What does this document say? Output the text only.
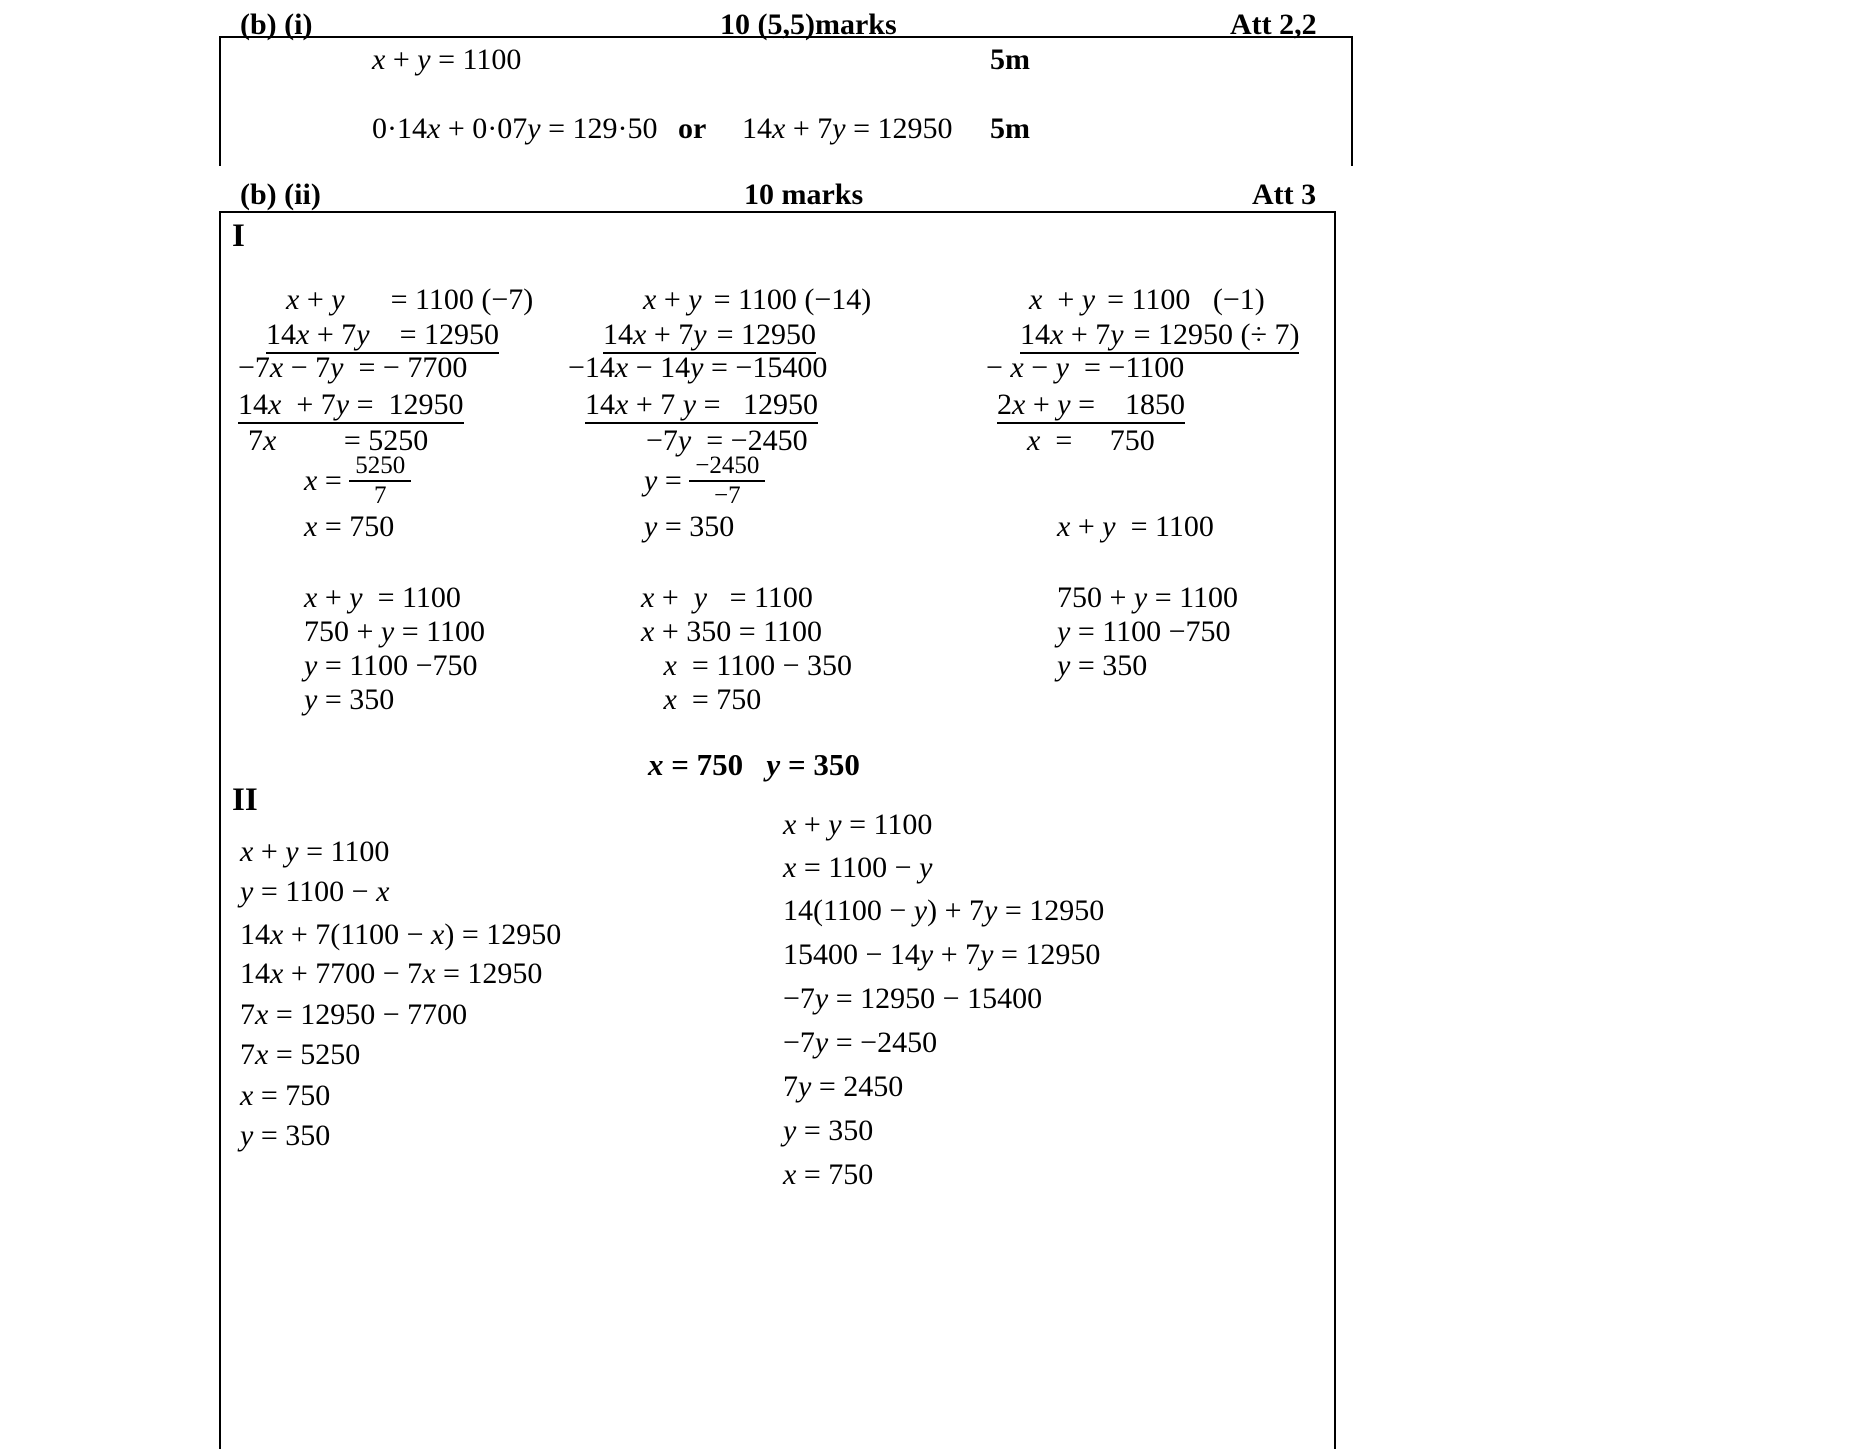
(b) (i)	10 (5,5)marks	Att 2,2
x + y = 1100	5m
0·14x + 0·07y = 129·50 or 14x + 7y = 12950 5m
(b) (ii)	10 marks	Att 3
I

x + y = 1100 (−7)

14x + 7y = 12950

−7x − 7y  = − 7700
14x  + 7y =  12950
7x         = 5250
$x = \frac{5250}{7}$
x = 750
x + y  = 1100
750 + y = 1100
y = 1100 −750
y = 350

x + y = 1100 (−14)

14x + 7y = 12950

−14x − 14y = −15400
14x + 7 y =   12950
−7y  = −2450
$y = \frac{-2450}{-7}$
y = 350
x +  y   = 1100
x + 350 = 1100
x  = 1100 − 350
x  = 750

x  + y = 1100   (−1)

14x + 7y = 12950 (÷ 7)

− x − y  = −1100
2x + y =    1850
x  =     750
x + y  = 1100
750 + y = 1100
y = 1100 −750
y = 350
x = 750   y = 350
II
x + y = 1100
y = 1100 − x
14x + 7(1100 − x) = 12950
14x + 7700 − 7x = 12950
7x = 12950 − 7700
7x = 5250
x = 750
y = 350
x + y = 1100
x = 1100 − y
14(1100 − y) + 7y = 12950
15400 − 14y + 7y = 12950
−7y = 12950 − 15400
−7y = −2450
7y = 2450
y = 350
x = 750
